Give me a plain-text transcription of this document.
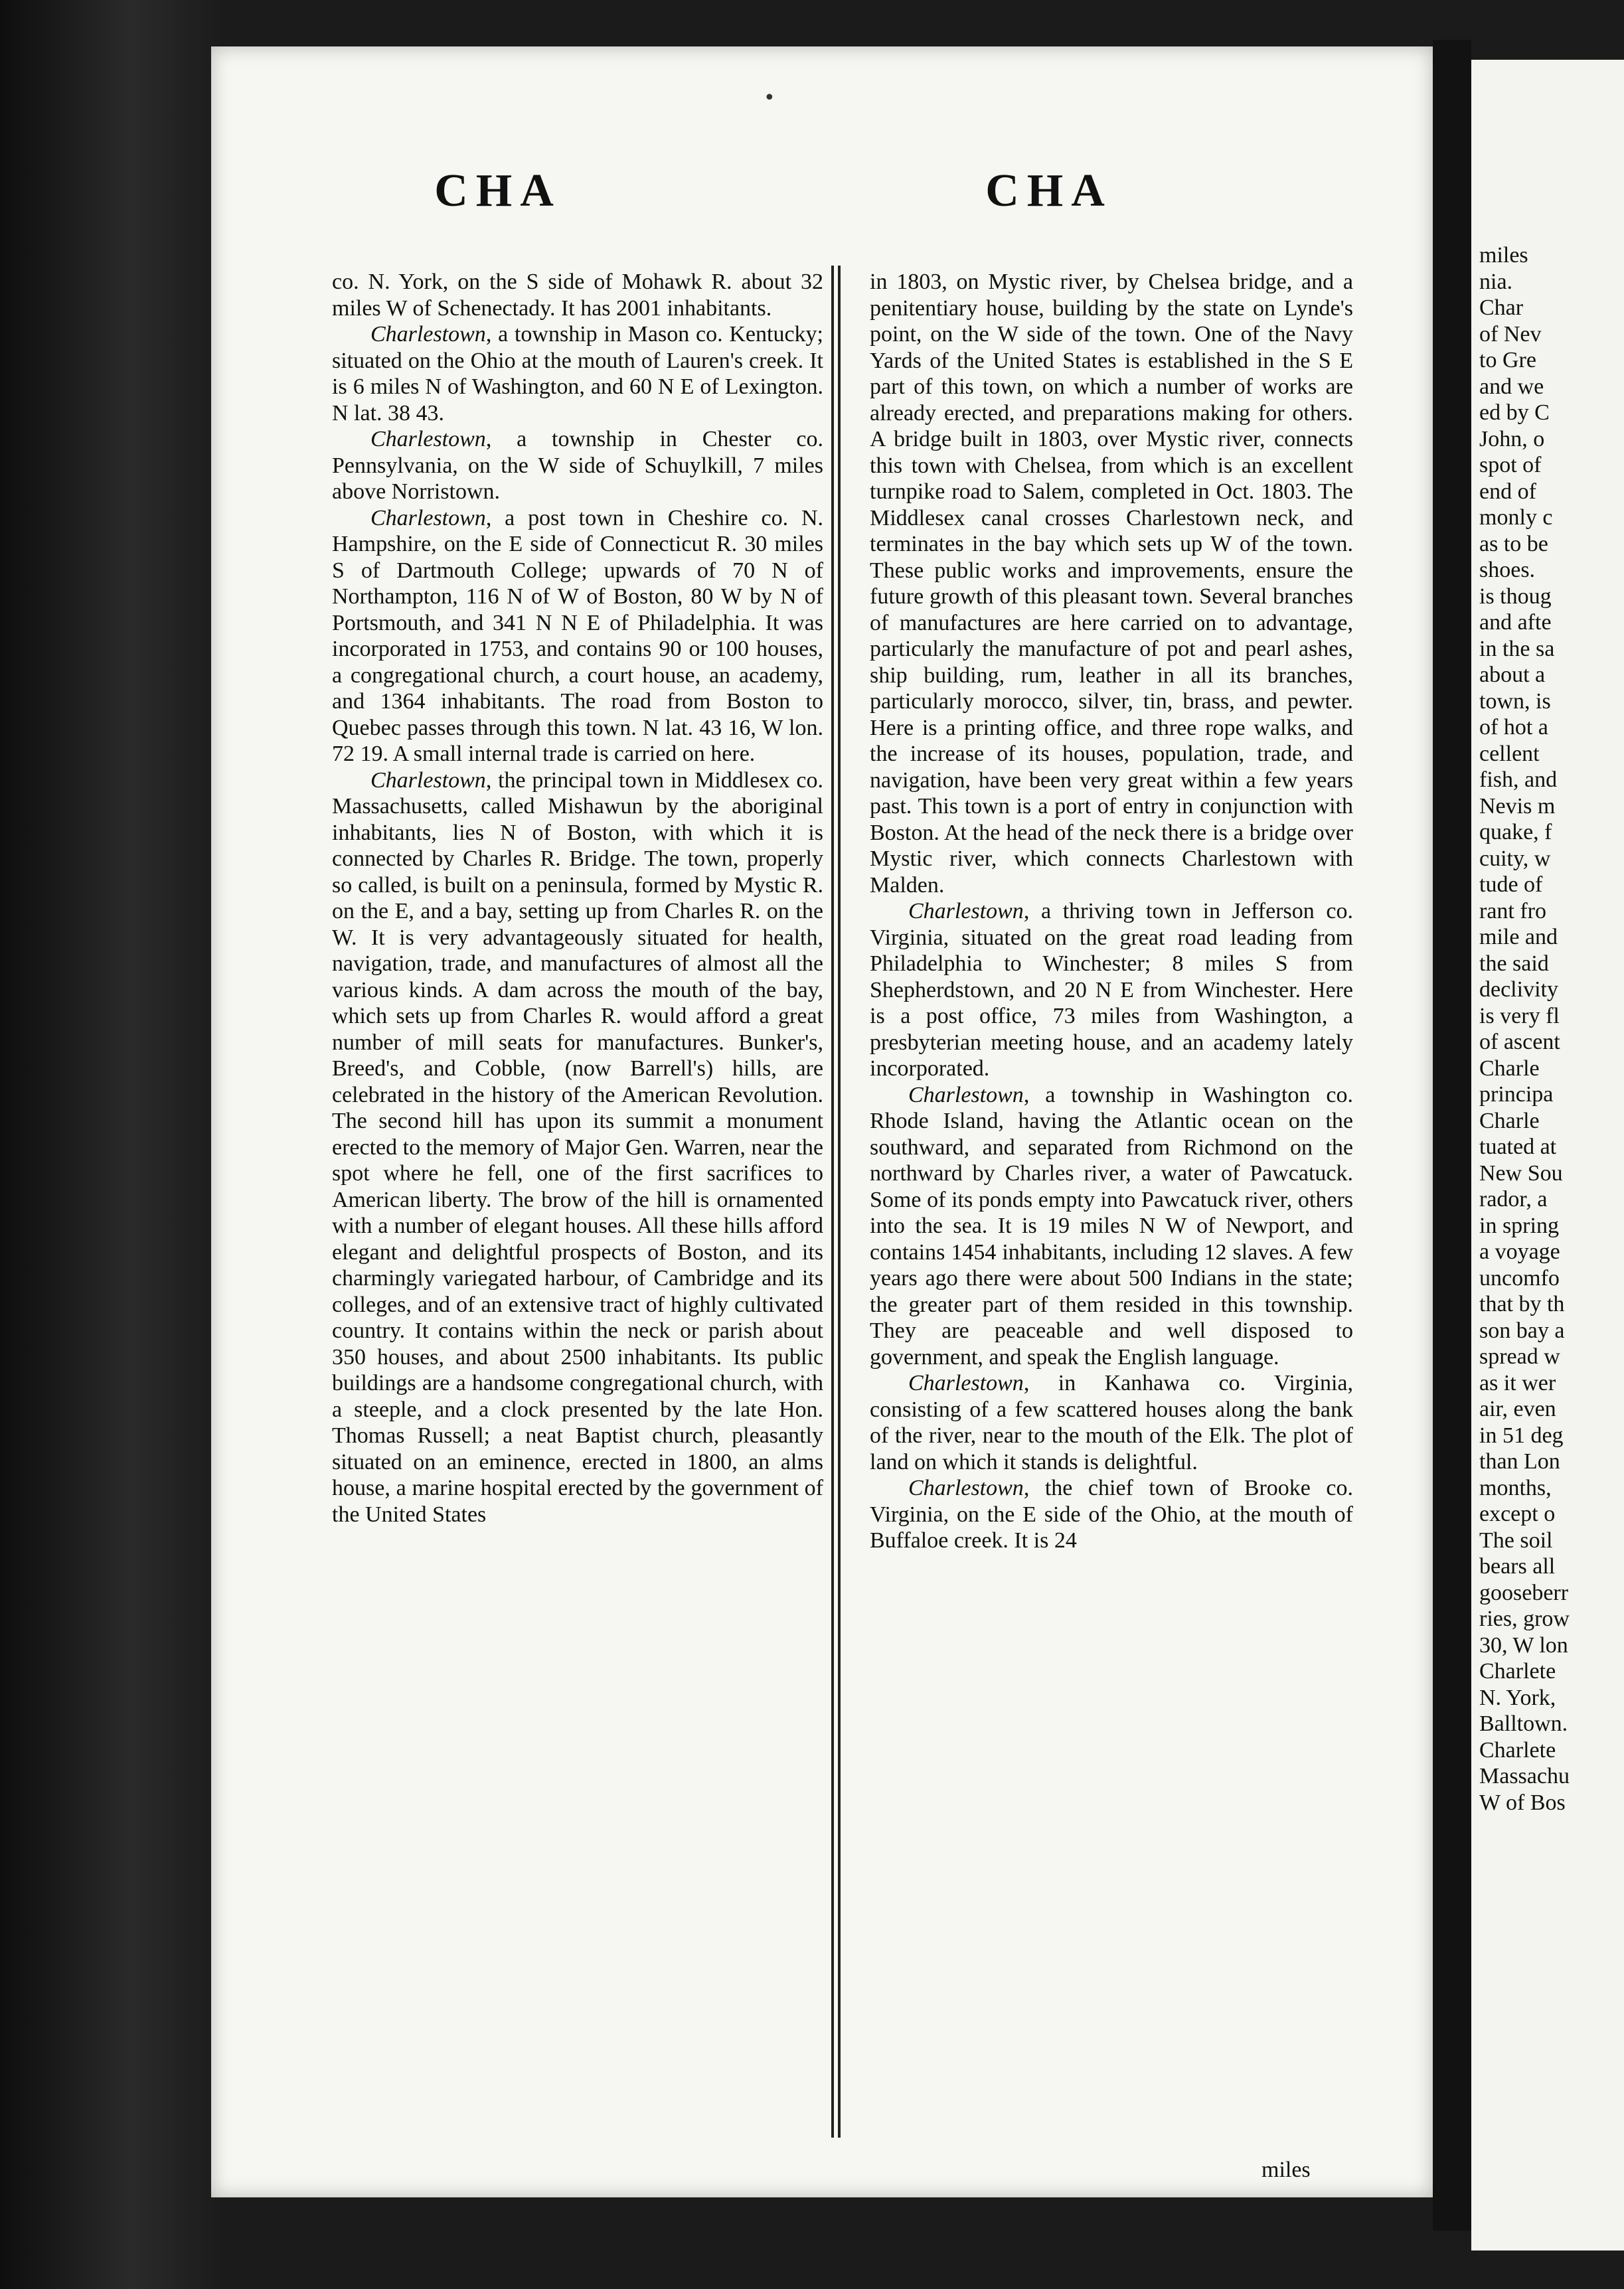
miles
nia.
Char
of Nev
to Gre
and we
ed by C
John, o
spot of
end of
monly c
as to be
shoes.
is thoug
and afte
in the sa
about a
town, is
of hot a
cellent
fish, and
Nevis m
quake, f
cuity, w
tude of
rant fro
mile and
the said
declivity
is very fl
of ascent
Charle
principa
Charle
tuated at
New Sou
rador, a
in spring
a voyage
uncomfo
that by th
son bay a
spread w
as it wer
air, even
in 51 deg
than Lon
months,
except o
The soil
bears all
gooseberr
ries, grow
30, W lon
Charlete
N. York,
Balltown.
Charlete
Massachu
W of Bos
•
CHA	CHA

co. N. York, on the S side of Mohawk R. about 32 miles W of Schenectady. It has 2001 inhabitants.

Charlestown, a township in Mason co. Kentucky; situated on the Ohio at the mouth of Lauren's creek. It is 6 miles N of Washington, and 60 N E of Lexington. N lat. 38 43.

Charlestown, a township in Chester co. Pennsylvania, on the W side of Schuylkill, 7 miles above Norristown.

Charlestown, a post town in Cheshire co. N. Hampshire, on the E side of Connecticut R. 30 miles S of Dartmouth College; upwards of 70 N of Northampton, 116 N of W of Boston, 80 W by N of Portsmouth, and 341 N N E of Philadelphia. It was incorporated in 1753, and contains 90 or 100 houses, a congregational church, a court house, an academy, and 1364 inhabitants. The road from Boston to Quebec passes through this town. N lat. 43 16, W lon. 72 19. A small internal trade is carried on here.

Charlestown, the principal town in Middlesex co. Massachusetts, called Mishawun by the aboriginal inhabitants, lies N of Boston, with which it is connected by Charles R. Bridge. The town, properly so called, is built on a peninsula, formed by Mystic R. on the E, and a bay, setting up from Charles R. on the W. It is very advantageously situated for health, navigation, trade, and manufactures of almost all the various kinds. A dam across the mouth of the bay, which sets up from Charles R. would afford a great number of mill seats for manufactures. Bunker's, Breed's, and Cobble, (now Barrell's) hills, are celebrated in the history of the American Revolution. The second hill has upon its summit a monument erected to the memory of Major Gen. Warren, near the spot where he fell, one of the first sacrifices to American liberty. The brow of the hill is ornamented with a number of elegant houses. All these hills afford elegant and delightful prospects of Boston, and its charmingly variegated harbour, of Cambridge and its colleges, and of an extensive tract of highly cultivated country. It contains within the neck or parish about 350 houses, and about 2500 inhabitants. Its public buildings are a handsome congregational church, with a steeple, and a clock presented by the late Hon. Thomas Russell; a neat Baptist church, pleasantly situated on an eminence, erected in 1800, an alms house, a marine hospital erected by the government of the United States

in 1803, on Mystic river, by Chelsea bridge, and a penitentiary house, building by the state on Lynde's point, on the W side of the town. One of the Navy Yards of the United States is established in the S E part of this town, on which a number of works are already erected, and preparations making for others. A bridge built in 1803, over Mystic river, connects this town with Chelsea, from which is an excellent turnpike road to Salem, completed in Oct. 1803. The Middlesex canal crosses Charlestown neck, and terminates in the bay which sets up W of the town. These public works and improvements, ensure the future growth of this pleasant town. Several branches of manufactures are here carried on to advantage, particularly the manufacture of pot and pearl ashes, ship building, rum, leather in all its branches, particularly morocco, silver, tin, brass, and pewter. Here is a printing office, and three rope walks, and the increase of its houses, population, trade, and navigation, have been very great within a few years past. This town is a port of entry in conjunction with Boston. At the head of the neck there is a bridge over Mystic river, which connects Charlestown with Malden.

Charlestown, a thriving town in Jefferson co. Virginia, situated on the great road leading from Philadelphia to Winchester; 8 miles S from Shepherdstown, and 20 N E from Winchester. Here is a post office, 73 miles from Washington, a presbyterian meeting house, and an academy lately incorporated.

Charlestown, a township in Washington co. Rhode Island, having the Atlantic ocean on the southward, and separated from Richmond on the northward by Charles river, a water of Pawcatuck. Some of its ponds empty into Pawcatuck river, others into the sea. It is 19 miles N W of Newport, and contains 1454 inhabitants, including 12 slaves. A few years ago there were about 500 Indians in the state; the greater part of them resided in this township. They are peaceable and well disposed to government, and speak the English language.

Charlestown, in Kanhawa co. Virginia, consisting of a few scattered houses along the bank of the river, near to the mouth of the Elk. The plot of land on which it stands is delightful.

Charlestown, the chief town of Brooke co. Virginia, on the E side of the Ohio, at the mouth of Buffaloe creek. It is 24

miles
